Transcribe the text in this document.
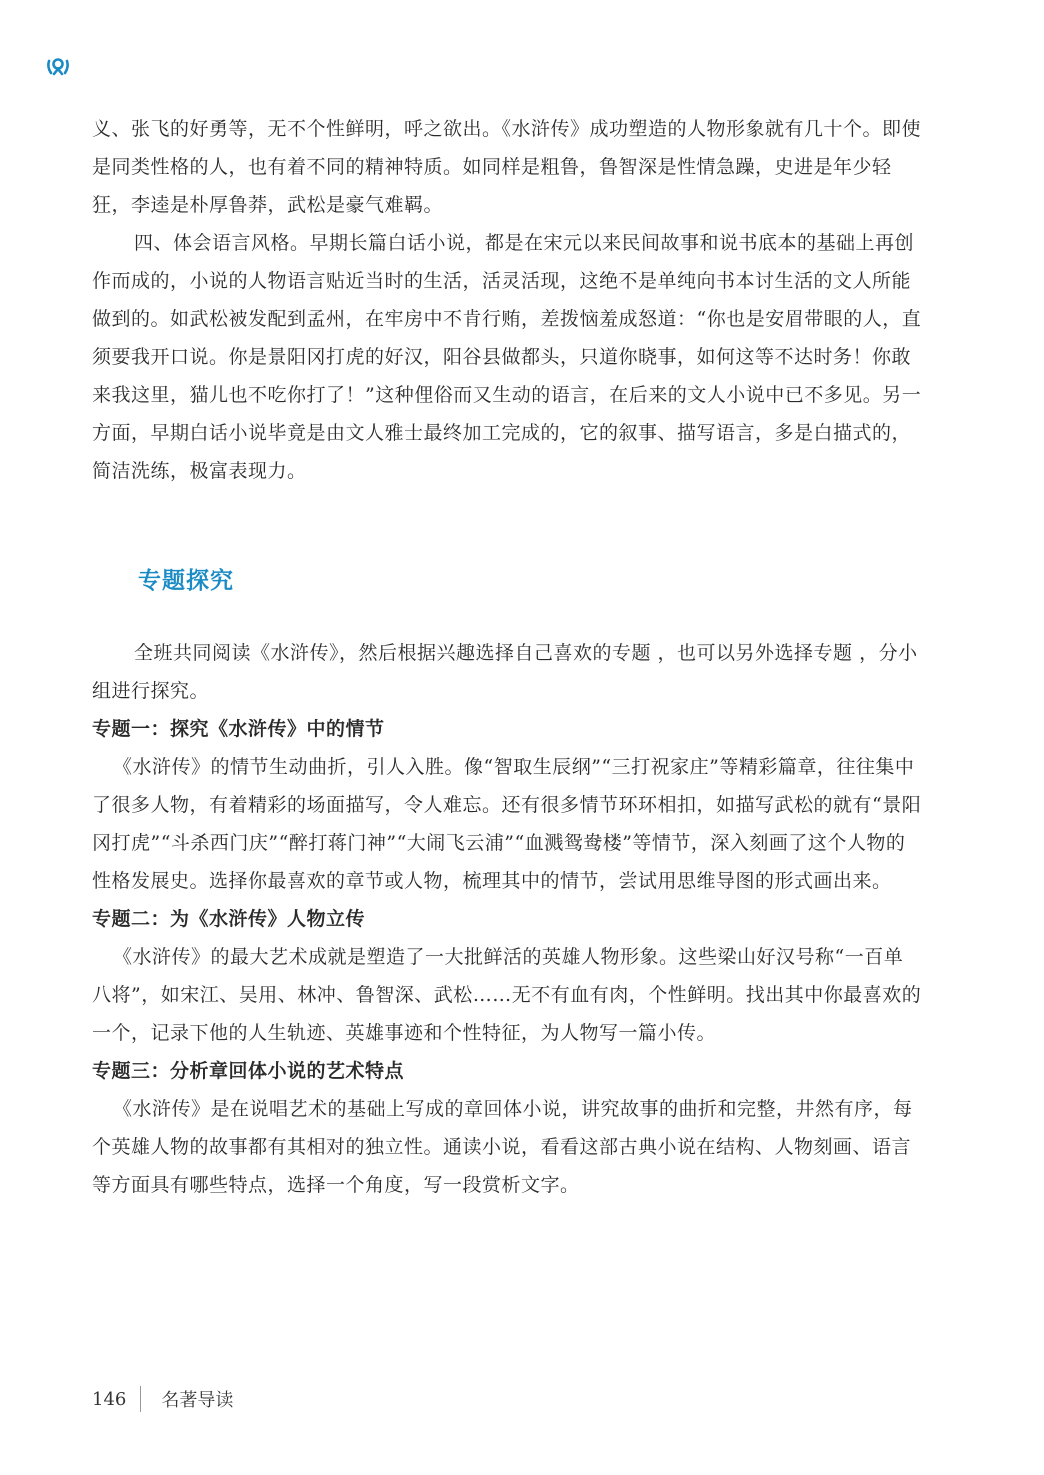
义、张飞的好勇等，无不个性鲜明，呼之欲出。《水浒传》成功塑造的人物形象就有几十个。即使是同类性格的人，也有着不同的精神特质。如同样是粗鲁，鲁智深是性情急躁，史进是年少轻狂，李逵是朴厚鲁莽，武松是豪气难羁。

四、体会语言风格。早期长篇白话小说，都是在宋元以来民间故事和说书底本的基础上再创作而成的，小说的人物语言贴近当时的生活，活灵活现，这绝不是单纯向书本讨生活的文人所能做到的。如武松被发配到孟州，在牢房中不肯行贿，差拨恼羞成怒道：“你也是安眉带眼的人，直须要我开口说。你是景阳冈打虎的好汉，阳谷县做都头，只道你晓事，如何这等不达时务！你敢来我这里，猫儿也不吃你打了！”这种俚俗而又生动的语言，在后来的文人小说中已不多见。另一方面，早期白话小说毕竟是由文人雅士最终加工完成的，它的叙事、描写语言，多是白描式的，简洁洗练，极富表现力。

专题探究

全班共同阅读《水浒传》，然后根据兴趣选择自己喜欢的专题 ，也可以另外选择专题 ，分小组进行探究。

专题一：探究《水浒传》中的情节

《水浒传》的情节生动曲折，引人入胜。像“智取生辰纲”“三打祝家庄”等精彩篇章，往往集中了很多人物，有着精彩的场面描写，令人难忘。还有很多情节环环相扣，如描写武松的就有“景阳冈打虎”“斗杀西门庆”“醉打蒋门神”“大闹飞云浦”“血溅鸳鸯楼”等情节，深入刻画了这个人物的性格发展史。选择你最喜欢的章节或人物，梳理其中的情节，尝试用思维导图的形式画出来。

专题二：为《水浒传》人物立传

《水浒传》的最大艺术成就是塑造了一大批鲜活的英雄人物形象。这些梁山好汉号称“一百单八将”，如宋江、吴用、林冲、鲁智深、武松……无不有血有肉，个性鲜明。找出其中你最喜欢的一个，记录下他的人生轨迹、英雄事迹和个性特征，为人物写一篇小传。

专题三：分析章回体小说的艺术特点

《水浒传》是在说唱艺术的基础上写成的章回体小说，讲究故事的曲折和完整，井然有序，每个英雄人物的故事都有其相对的独立性。通读小说，看看这部古典小说在结构、人物刻画、语言等方面具有哪些特点，选择一个角度，写一段赏析文字。

146 名著导读
